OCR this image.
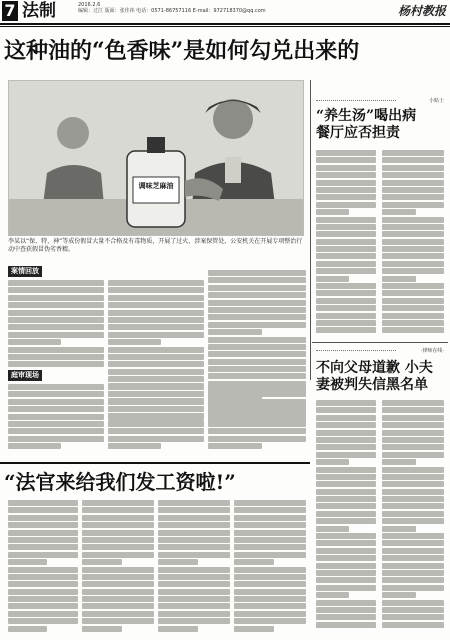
7 法制	2016.2.6
编辑：过江 版面：张佳祎 电话：0571-86757116 E-mail：972718370@qq.com	杨村教报
这种油的“色香味”是如何勾兑出来的
调味芝麻油
李某以“保、特、神”等成份假冒大量不合格及有毒物质，开展了过火，涉案保管处，公安机关在开展专项整治行动中查获假冒伪劣香精。
案情回放
庭审现场
小贴士
“养生汤”喝出病
餐厅应否担责
·律师在线·
不向父母道歉 小夫妻被判失信黑名单
“法官来给我们发工资啦!”
